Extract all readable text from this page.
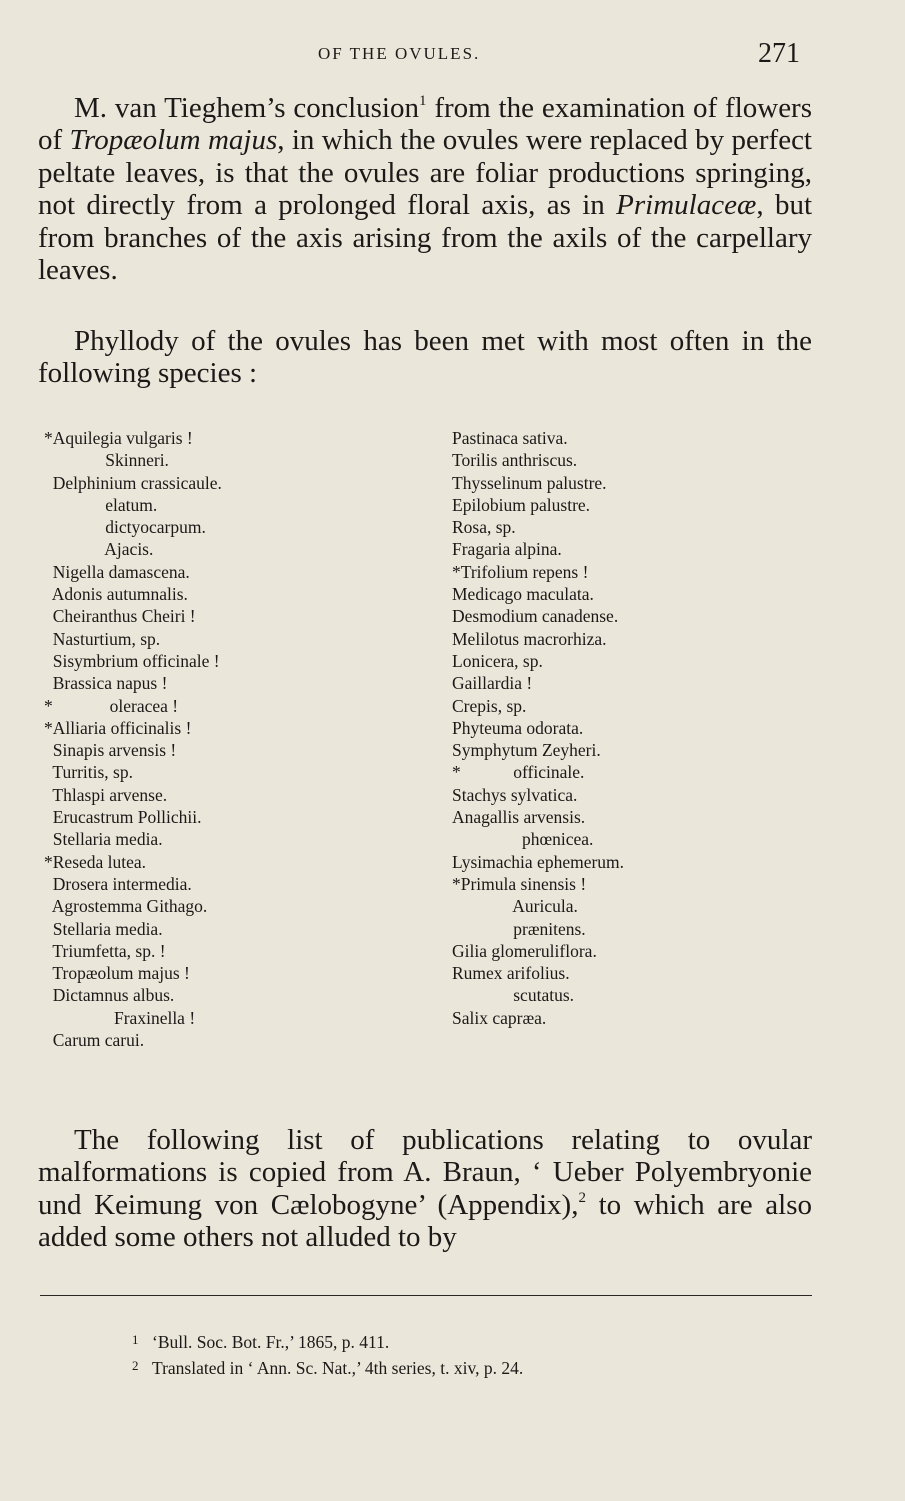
OF THE OVULES.	271
M. van Tieghem’s conclusion$^1$ from the examination of flowers of Tropæolum majus, in which the ovules were replaced by perfect peltate leaves, is that the ovules are foliar productions springing, not directly from a prolonged floral axis, as in Primulaceæ, but from branches of the axis arising from the axils of the carpellary leaves.
Phyllody of the ovules has been met with most often in the following species :
*Aquilegia vulgaris !
Skinneri.
Delphinium crassicaule.
elatum.
dictyocarpum.
Ajacis.
Nigella damascena.
Adonis autumnalis.
Cheiranthus Cheiri !
Nasturtium, sp.
Sisymbrium officinale !
Brassica napus !
*             oleracea !
*Alliaria officinalis !
Sinapis arvensis !
Turritis, sp.
Thlaspi arvense.
Erucastrum Pollichii.
Stellaria media.
*Reseda lutea.
Drosera intermedia.
Agrostemma Githago.
Stellaria media.
Triumfetta, sp. !
Tropæolum majus !
Dictamnus albus.
Fraxinella !
Carum carui.
Pastinaca sativa.
Torilis anthriscus.
Thysselinum palustre.
Epilobium palustre.
Rosa, sp.
Fragaria alpina.
*Trifolium repens !
Medicago maculata.
Desmodium canadense.
Melilotus macrorhiza.
Lonicera, sp.
Gaillardia !
Crepis, sp.
Phyteuma odorata.
Symphytum Zeyheri.
*            officinale.
Stachys sylvatica.
Anagallis arvensis.
phœnicea.
Lysimachia ephemerum.
*Primula sinensis !
Auricula.
prænitens.
Gilia glomeruliflora.
Rumex arifolius.
scutatus.
Salix capræa.
The following list of publications relating to ovular malformations is copied from A. Braun, ‘ Ueber Polyembryonie und Keimung von Cælobogyne’ (Appendix),$^2$ to which are also added some others not alluded to by
1 ‘Bull. Soc. Bot. Fr.,’ 1865, p. 411.
2 Translated in ‘ Ann. Sc. Nat.,’ 4th series, t. xiv, p. 24.
